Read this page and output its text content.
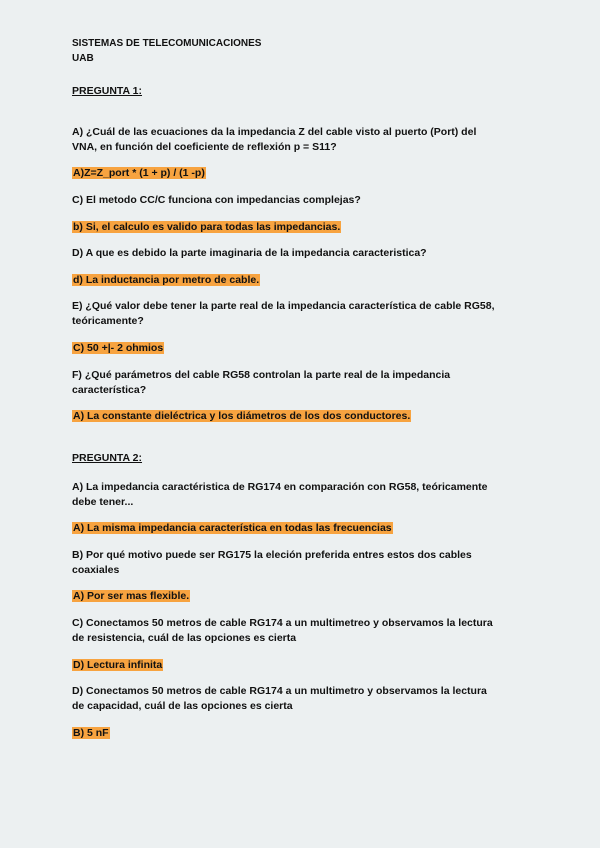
SISTEMAS DE TELECOMUNICACIONES
UAB
PREGUNTA 1:
A) ¿Cuál de las ecuaciones da la impedancia Z del cable visto al puerto (Port) del
VNA, en función del coeficiente de reflexión p = S11?
A)Z=Z_port * (1 + p) / (1 -p)
C) El metodo CC/C funciona con impedancias complejas?
b) Si, el calculo es valido para todas las impedancias.
D) A que es debido la parte imaginaria de la impedancia caracteristica?
d) La inductancia por metro de cable.
E) ¿Qué valor debe tener la parte real de la impedancia característica de cable RG58,
teóricamente?
C) 50 +|- 2 ohmios
F) ¿Qué parámetros del cable RG58 controlan la parte real de la impedancia
característica?
A) La constante dieléctrica y los diámetros de los dos conductores.
PREGUNTA 2:
A) La impedancia caractéristica de RG174 en comparación con RG58, teóricamente
debe tener...
A) La misma impedancia característica en todas las frecuencias
B) Por qué motivo puede ser RG175 la eleción preferida entres estos dos cables
coaxiales
A) Por ser mas flexible.
C) Conectamos 50 metros de cable RG174 a un multimetreo y observamos la lectura
de resistencia, cuál de las opciones es cierta
D) Lectura infinita
D) Conectamos 50 metros de cable RG174 a un multimetro y observamos la lectura
de capacidad, cuál de las opciones es cierta
B) 5 nF
